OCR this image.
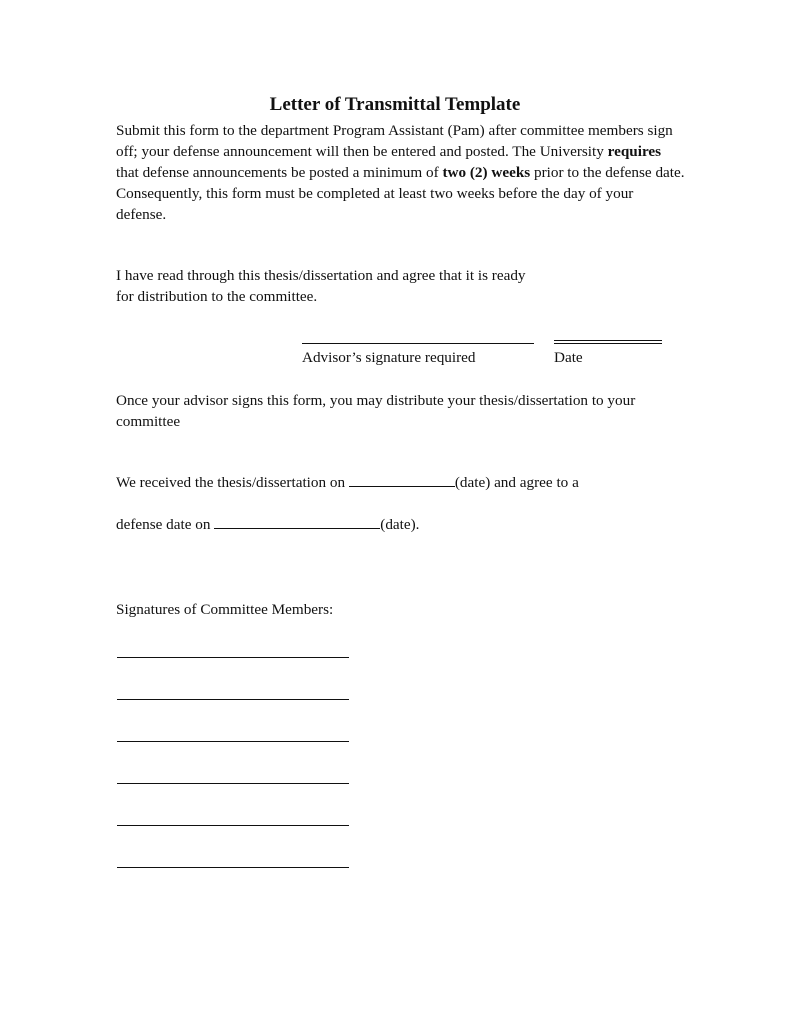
Letter of Transmittal Template

Submit this form to the department Program Assistant (Pam) after committee members sign off; your defense announcement will then be entered and posted. The University requires that defense announcements be posted a minimum of two (2) weeks prior to the defense date. Consequently, this form must be completed at least two weeks before the day of your defense.

I have read through this thesis/dissertation and agree that it is ready
for distribution to the committee.

Advisor’s signature required	Date

Once your advisor signs this form, you may distribute your thesis/dissertation to your committee

We received the thesis/dissertation on	(date) and agree to a

defense date on	(date).

Signatures of Committee Members:
